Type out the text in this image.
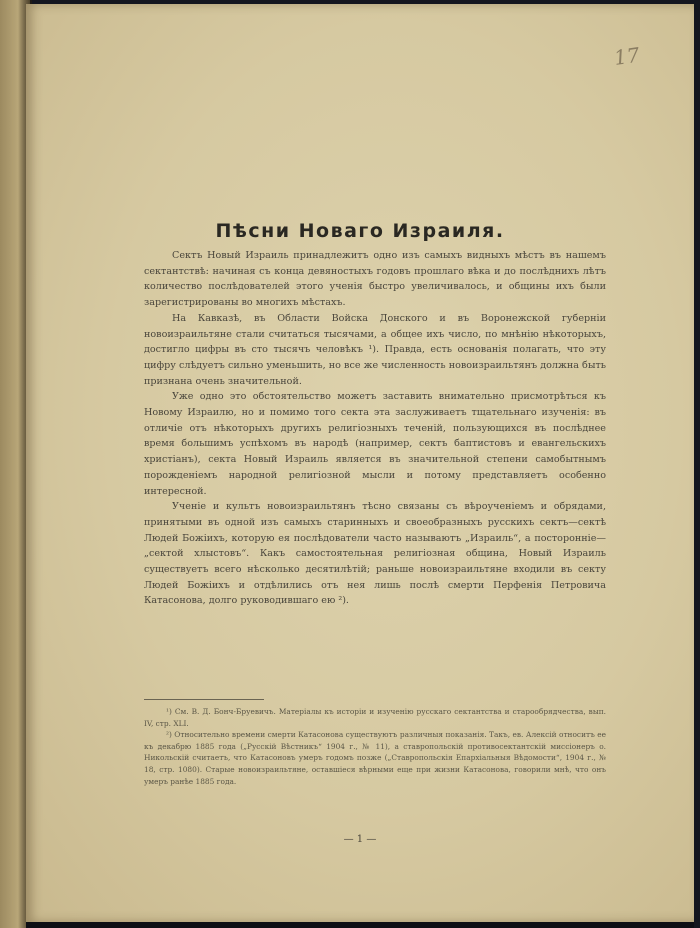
17
Пѣсни Новаго Израиля.

Сектъ Новый Израиль принадлежитъ одно изъ самыхъ видныхъ мѣстъ въ нашемъ сектантствѣ: начиная съ конца девяностыхъ годовъ прошлаго вѣка и до послѣднихъ лѣтъ количество послѣдователей этого ученія быстро увеличивалось, и общины ихъ были зарегистрированы во многихъ мѣстахъ.

На Кавказѣ, въ Области Войска Донского и въ Воронежской губерніи новоизраильтяне стали считаться тысячами, а общее ихъ число, по мнѣнію нѣкоторыхъ, достигло цифры въ сто тысячъ человѣкъ ¹). Правда, есть основанія полагать, что эту цифру слѣдуетъ сильно уменьшить, но все же численность новоизраильтянъ должна быть признана очень значительной.

Уже одно это обстоятельство можетъ заставить внимательно присмотрѣться къ Новому Израилю, но и помимо того секта эта заслуживаетъ тщательнаго изученія: въ отличіе отъ нѣкоторыхъ другихъ религіозныхъ теченій, пользующихся въ послѣднее время большимъ успѣхомъ въ народѣ (например, сектъ баптистовъ и евангельскихъ христіанъ), секта Новый Израиль является въ значительной степени самобытнымъ порожденіемъ народной религіозной мысли и потому представляетъ особенно интересной.

Ученіе и культъ новоизраильтянъ тѣсно связаны съ вѣроученіемъ и обрядами, принятыми въ одной изъ самыхъ старинныхъ и своеобразныхъ русскихъ сектъ—сектѣ Людей Божіихъ, которую ея послѣдователи часто называютъ „Израиль“, а посторонніе—„сектой хлыстовъ“. Какъ самостоятельная религіозная община, Новый Израиль существуетъ всего нѣсколько десятилѣтій; раньше новоизраильтяне входили въ секту Людей Божіихъ и отдѣлились отъ нея лишь послѣ смерти Перфенія Петровича Катасонова, долго руководившаго ею ²).

¹) См. В. Д. Бонч-Бруевичъ. Матеріалы къ исторіи и изученію русскаго сектантства и старообрядчества, вып. IV, стр. XLI.

²) Относительно времени смерти Катасонова существуютъ различныя показанія. Такъ, ев. Алексій относитъ ее къ декабрю 1885 года („Русскій Вѣстникъ“ 1904 г., № 11), а ставропольскій противосектантскій миссіонеръ о. Никольскій считаетъ, что Катасоновъ умеръ годомъ позже („Ставропольскія Епархіальныя Вѣдомости“, 1904 г., № 18, стр. 1080). Старые новоизраильтяне, оставшіеся вѣрными еще при жизни Катасонова, говорили мнѣ, что онъ умеръ ранѣе 1885 года.

— 1 —
